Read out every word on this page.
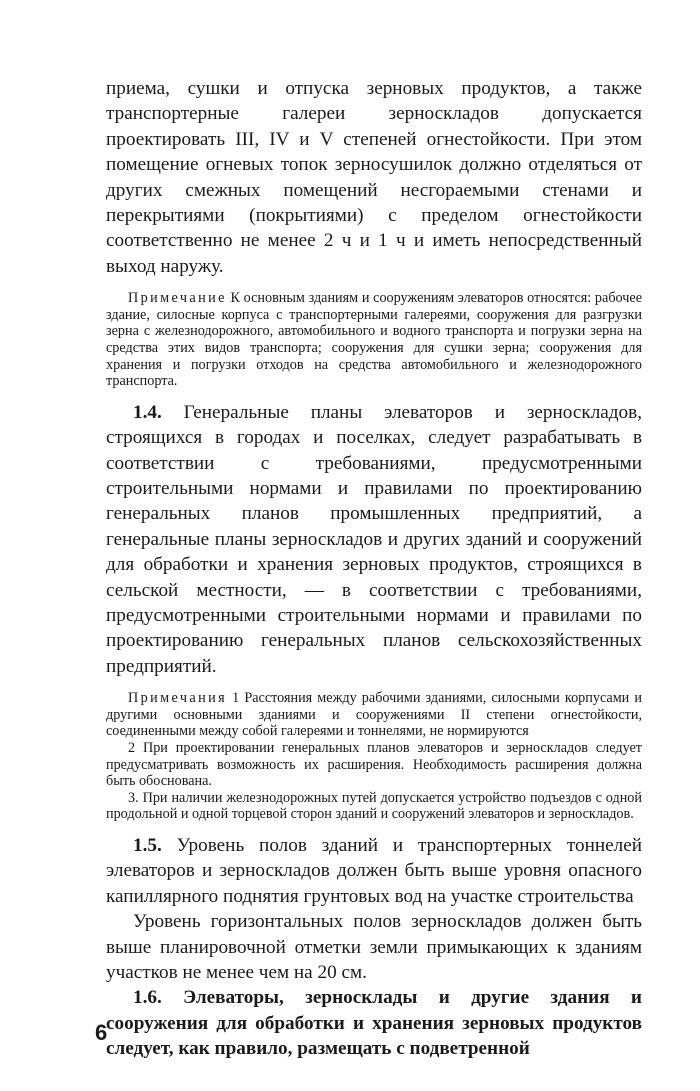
приема, сушки и отпуска зерновых продуктов, а также транспортерные галереи зерноскладов допускается проектировать III, IV и V степеней огнестойкости. При этом помещение огневых топок зерносушилок должно отделяться от других смежных помещений несгораемыми стенами и перекрытиями (покрытиями) с пределом огнестойкости соответственно не менее 2 ч и 1 ч и иметь непосредственный выход наружу.

Примечание К основным зданиям и сооружениям элеваторов относятся: рабочее здание, силосные корпуса с транспортерными галереями, сооружения для разгрузки зерна с железнодорожного, автомобильного и водного транспорта и погрузки зерна на средства этих видов транспорта; сооружения для сушки зерна; сооружения для хранения и погрузки отходов на средства автомобильного и железнодорожного транспорта.

1.4. Генеральные планы элеваторов и зерноскладов, строящихся в городах и поселках, следует разрабатывать в соответствии с требованиями, предусмотренными строительными нормами и правилами по проектированию генеральных планов промышленных предприятий, а генеральные планы зерноскладов и других зданий и сооружений для обработки и хранения зерновых продуктов, строящихся в сельской местности, — в соответствии с требованиями, предусмотренными строительными нормами и правилами по проектированию генеральных планов сельскохозяйственных предприятий.

Примечания 1 Расстояния между рабочими зданиями, силосными корпусами и другими основными зданиями и сооружениями II степени огнестойкости, соединенными между собой галереями и тоннелями, не нормируются

2 При проектировании генеральных планов элеваторов и зерноскладов следует предусматривать возможность их расширения. Необходимость расширения должна быть обоснована.

3. При наличии железнодорожных путей допускается устройство подъездов с одной продольной и одной торцевой сторон зданий и сооружений элеваторов и зерноскладов.

1.5. Уровень полов зданий и транспортерных тоннелей элеваторов и зерноскладов должен быть выше уровня опасного капиллярного поднятия грунтовых вод на участке строительства

Уровень горизонтальных полов зерноскладов должен быть выше планировочной отметки земли примыкающих к зданиям участков не менее чем на 20 см.

1.6. Элеваторы, зерносклады и другие здания и сооружения для обработки и хранения зерновых продуктов следует, как правило, размещать с подветренной

6
